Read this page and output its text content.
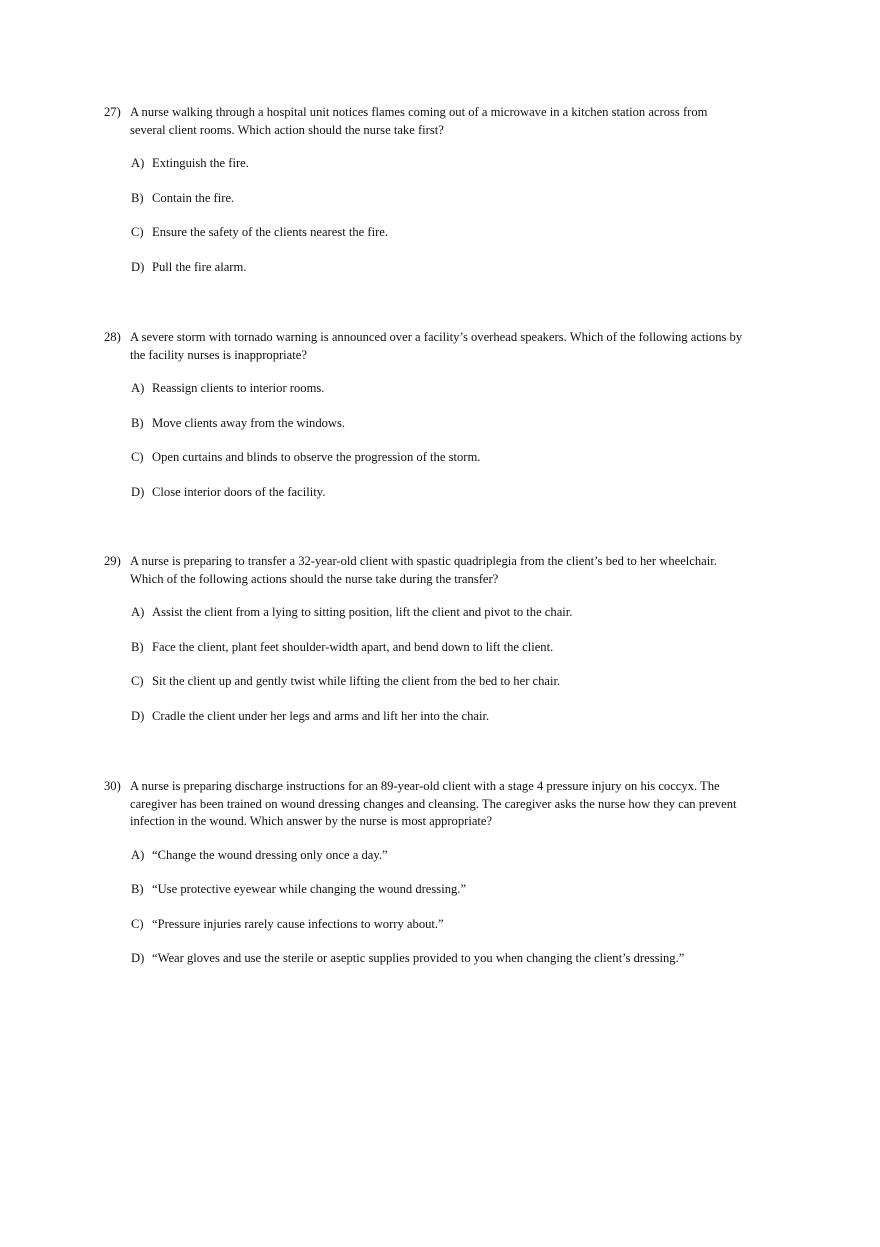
27) A nurse walking through a hospital unit notices flames coming out of a microwave in a kitchen station across from several client rooms. Which action should the nurse take first?
A) Extinguish the fire.
B) Contain the fire.
C) Ensure the safety of the clients nearest the fire.
D) Pull the fire alarm.
28) A severe storm with tornado warning is announced over a facility’s overhead speakers. Which of the following actions by the facility nurses is inappropriate?
A) Reassign clients to interior rooms.
B) Move clients away from the windows.
C) Open curtains and blinds to observe the progression of the storm.
D) Close interior doors of the facility.
29) A nurse is preparing to transfer a 32-year-old client with spastic quadriplegia from the client’s bed to her wheelchair. Which of the following actions should the nurse take during the transfer?
A) Assist the client from a lying to sitting position, lift the client and pivot to the chair.
B) Face the client, plant feet shoulder-width apart, and bend down to lift the client.
C) Sit the client up and gently twist while lifting the client from the bed to her chair.
D) Cradle the client under her legs and arms and lift her into the chair.
30) A nurse is preparing discharge instructions for an 89-year-old client with a stage 4 pressure injury on his coccyx. The caregiver has been trained on wound dressing changes and cleansing. The caregiver asks the nurse how they can prevent infection in the wound. Which answer by the nurse is most appropriate?
A) “Change the wound dressing only once a day.”
B) “Use protective eyewear while changing the wound dressing.”
C) “Pressure injuries rarely cause infections to worry about.”
D) “Wear gloves and use the sterile or aseptic supplies provided to you when changing the client’s dressing.”
